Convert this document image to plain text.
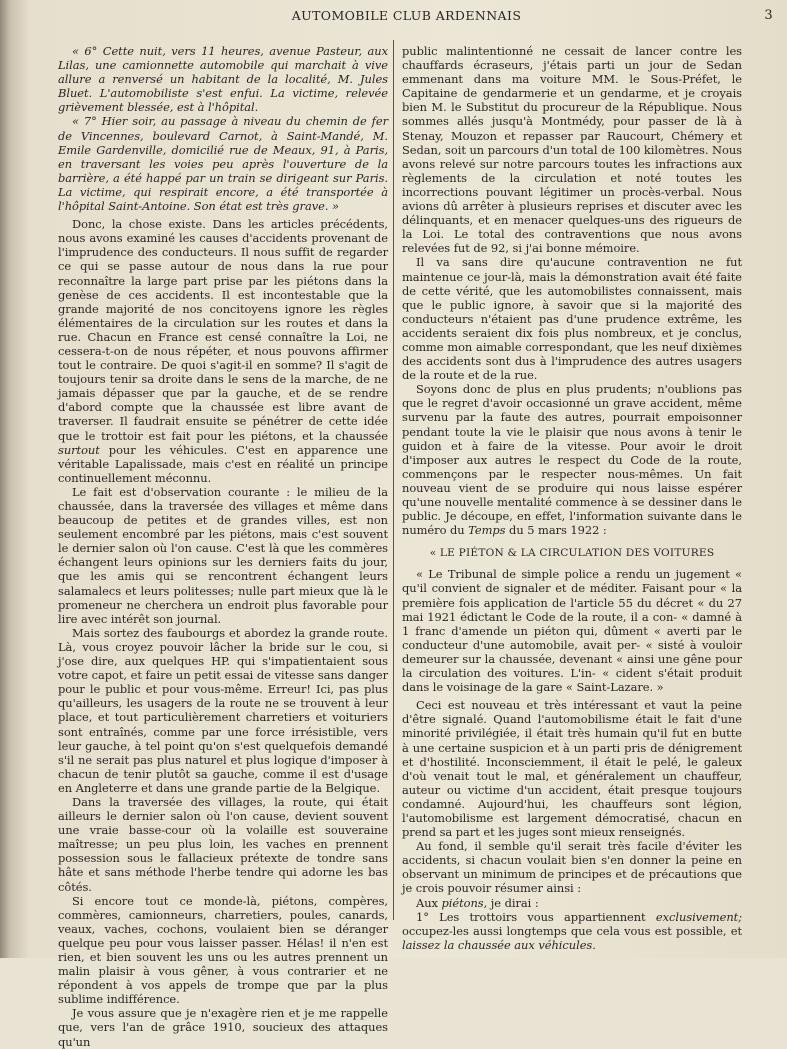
AUTOMOBILE CLUB ARDENNAIS	3

« 6° Cette nuit, vers 11 heures, avenue Pasteur, aux Lilas, une camionnette automobile qui marchait à vive allure a renversé un habitant de la localité, M. Jules Bluet. L'automobiliste s'est enfui. La victime, relevée grièvement blessée, est à l'hôpital.

« 7° Hier soir, au passage à niveau du chemin de fer de Vincennes, boulevard Carnot, à Saint-Mandé, M. Emile Gardenville, domicilié rue de Meaux, 91, à Paris, en traversant les voies peu après l'ouverture de la barrière, a été happé par un train se dirigeant sur Paris. La victime, qui respirait encore, a été transportée à l'hôpital Saint-Antoine. Son état est très grave. »

Donc, la chose existe. Dans les articles précédents, nous avons examiné les causes d'accidents provenant de l'imprudence des conducteurs. Il nous suffit de regarder ce qui se passe autour de nous dans la rue pour reconnaître la large part prise par les piétons dans la genèse de ces accidents. Il est incontestable que la grande majorité de nos concitoyens ignore les règles élémentaires de la circulation sur les routes et dans la rue. Chacun en France est censé connaître la Loi, ne cessera-t-on de nous répéter, et nous pouvons affirmer tout le contraire. De quoi s'agit-il en somme? Il s'agit de toujours tenir sa droite dans le sens de la marche, de ne jamais dépasser que par la gauche, et de se rendre d'abord compte que la chaussée est libre avant de traverser. Il faudrait ensuite se pénétrer de cette idée que le trottoir est fait pour les piétons, et la chaussée surtout pour les véhicules. C'est en apparence une véritable Lapalissade, mais c'est en réalité un principe continuellement méconnu.

Le fait est d'observation courante : le milieu de la chaussée, dans la traversée des villages et même dans beaucoup de petites et de grandes villes, est non seulement encombré par les piétons, mais c'est souvent le dernier salon où l'on cause. C'est là que les commères échangent leurs opinions sur les derniers faits du jour, que les amis qui se rencontrent échangent leurs salamalecs et leurs politesses; nulle part mieux que là le promeneur ne cherchera un endroit plus favorable pour lire avec intérêt son journal.

Mais sortez des faubourgs et abordez la grande route. Là, vous croyez pouvoir lâcher la bride sur le cou, si j'ose dire, aux quelques HP. qui s'impatientaient sous votre capot, et faire un petit essai de vitesse sans danger pour le public et pour vous-même. Erreur! Ici, pas plus qu'ailleurs, les usagers de la route ne se trouvent à leur place, et tout particulièrement charretiers et voituriers sont entraînés, comme par une force irrésistible, vers leur gauche, à tel point qu'on s'est quelquefois demandé s'il ne serait pas plus naturel et plus logique d'imposer à chacun de tenir plutôt sa gauche, comme il est d'usage en Angleterre et dans une grande partie de la Belgique.

Dans la traversée des villages, la route, qui était ailleurs le dernier salon où l'on cause, devient souvent une vraie basse-cour où la volaille est souveraine maîtresse; un peu plus loin, les vaches en prennent possession sous le fallacieux prétexte de tondre sans hâte et sans méthode l'herbe tendre qui adorne les bas côtés.

Si encore tout ce monde-là, piétons, compères, commères, camionneurs, charretiers, poules, canards, veaux, vaches, cochons, voulaient bien se déranger quelque peu pour vous laisser passer. Hélas! il n'en est rien, et bien souvent les uns ou les autres prennent un malin plaisir à vous gêner, à vous contrarier et ne répondent à vos appels de trompe que par la plus sublime indifférence.

Je vous assure que je n'exagère rien et je me rappelle que, vers l'an de grâce 1910, soucieux des attaques qu'un

public malintentionné ne cessait de lancer contre les chauffards écraseurs, j'étais parti un jour de Sedan emmenant dans ma voiture MM. le Sous-Préfet, le Capitaine de gendarmerie et un gendarme, et je croyais bien M. le Substitut du procureur de la République. Nous sommes allés jusqu'à Montmédy, pour passer de là à Stenay, Mouzon et repasser par Raucourt, Chémery et Sedan, soit un parcours d'un total de 100 kilomètres. Nous avons relevé sur notre parcours toutes les infractions aux règlements de la circulation et noté toutes les incorrections pouvant légitimer un procès-verbal. Nous avions dû arrêter à plusieurs reprises et discuter avec les délinquants, et en menacer quelques-uns des rigueurs de la Loi. Le total des contraventions que nous avons relevées fut de 92, si j'ai bonne mémoire.

Il va sans dire qu'aucune contravention ne fut maintenue ce jour-là, mais la démonstration avait été faite de cette vérité, que les automobilistes connaissent, mais que le public ignore, à savoir que si la majorité des conducteurs n'étaient pas d'une prudence extrême, les accidents seraient dix fois plus nombreux, et je conclus, comme mon aimable correspondant, que les neuf dixièmes des accidents sont dus à l'imprudence des autres usagers de la route et de la rue.

Soyons donc de plus en plus prudents; n'oublions pas que le regret d'avoir occasionné un grave accident, même survenu par la faute des autres, pourrait empoisonner pendant toute la vie le plaisir que nous avons à tenir le guidon et à faire de la vitesse. Pour avoir le droit d'imposer aux autres le respect du Code de la route, commençons par le respecter nous-mêmes. Un fait nouveau vient de se produire qui nous laisse espérer qu'une nouvelle mentalité commence à se dessiner dans le public. Je découpe, en effet, l'information suivante dans le numéro du Temps du 5 mars 1922 :

« LE PIÉTON & LA CIRCULATION DES VOITURES

« Le Tribunal de simple police a rendu un jugement « qu'il convient de signaler et de méditer. Faisant pour « la première fois application de l'article 55 du décret « du 27 mai 1921 édictant le Code de la route, il a con- « damné à 1 franc d'amende un piéton qui, dûment « averti par le conducteur d'une automobile, avait per- « sisté à vouloir demeurer sur la chaussée, devenant « ainsi une gêne pour la circulation des voitures. L'in- « cident s'était produit dans le voisinage de la gare « Saint-Lazare. »

Ceci est nouveau et très intéressant et vaut la peine d'être signalé. Quand l'automobilisme était le fait d'une minorité privilégiée, il était très humain qu'il fut en butte à une certaine suspicion et à un parti pris de dénigrement et d'hostilité. Inconsciemment, il était le pelé, le galeux d'où venait tout le mal, et généralement un chauffeur, auteur ou victime d'un accident, était presque toujours condamné. Aujourd'hui, les chauffeurs sont légion, l'automobilisme est largement démocratisé, chacun en prend sa part et les juges sont mieux renseignés.

Au fond, il semble qu'il serait très facile d'éviter les accidents, si chacun voulait bien s'en donner la peine en observant un minimum de principes et de précautions que je crois pouvoir résumer ainsi :

Aux piétons, je dirai :

1° Les trottoirs vous appartiennent exclusivement; occupez-les aussi longtemps que cela vous est possible, et laissez la chaussée aux véhicules.
